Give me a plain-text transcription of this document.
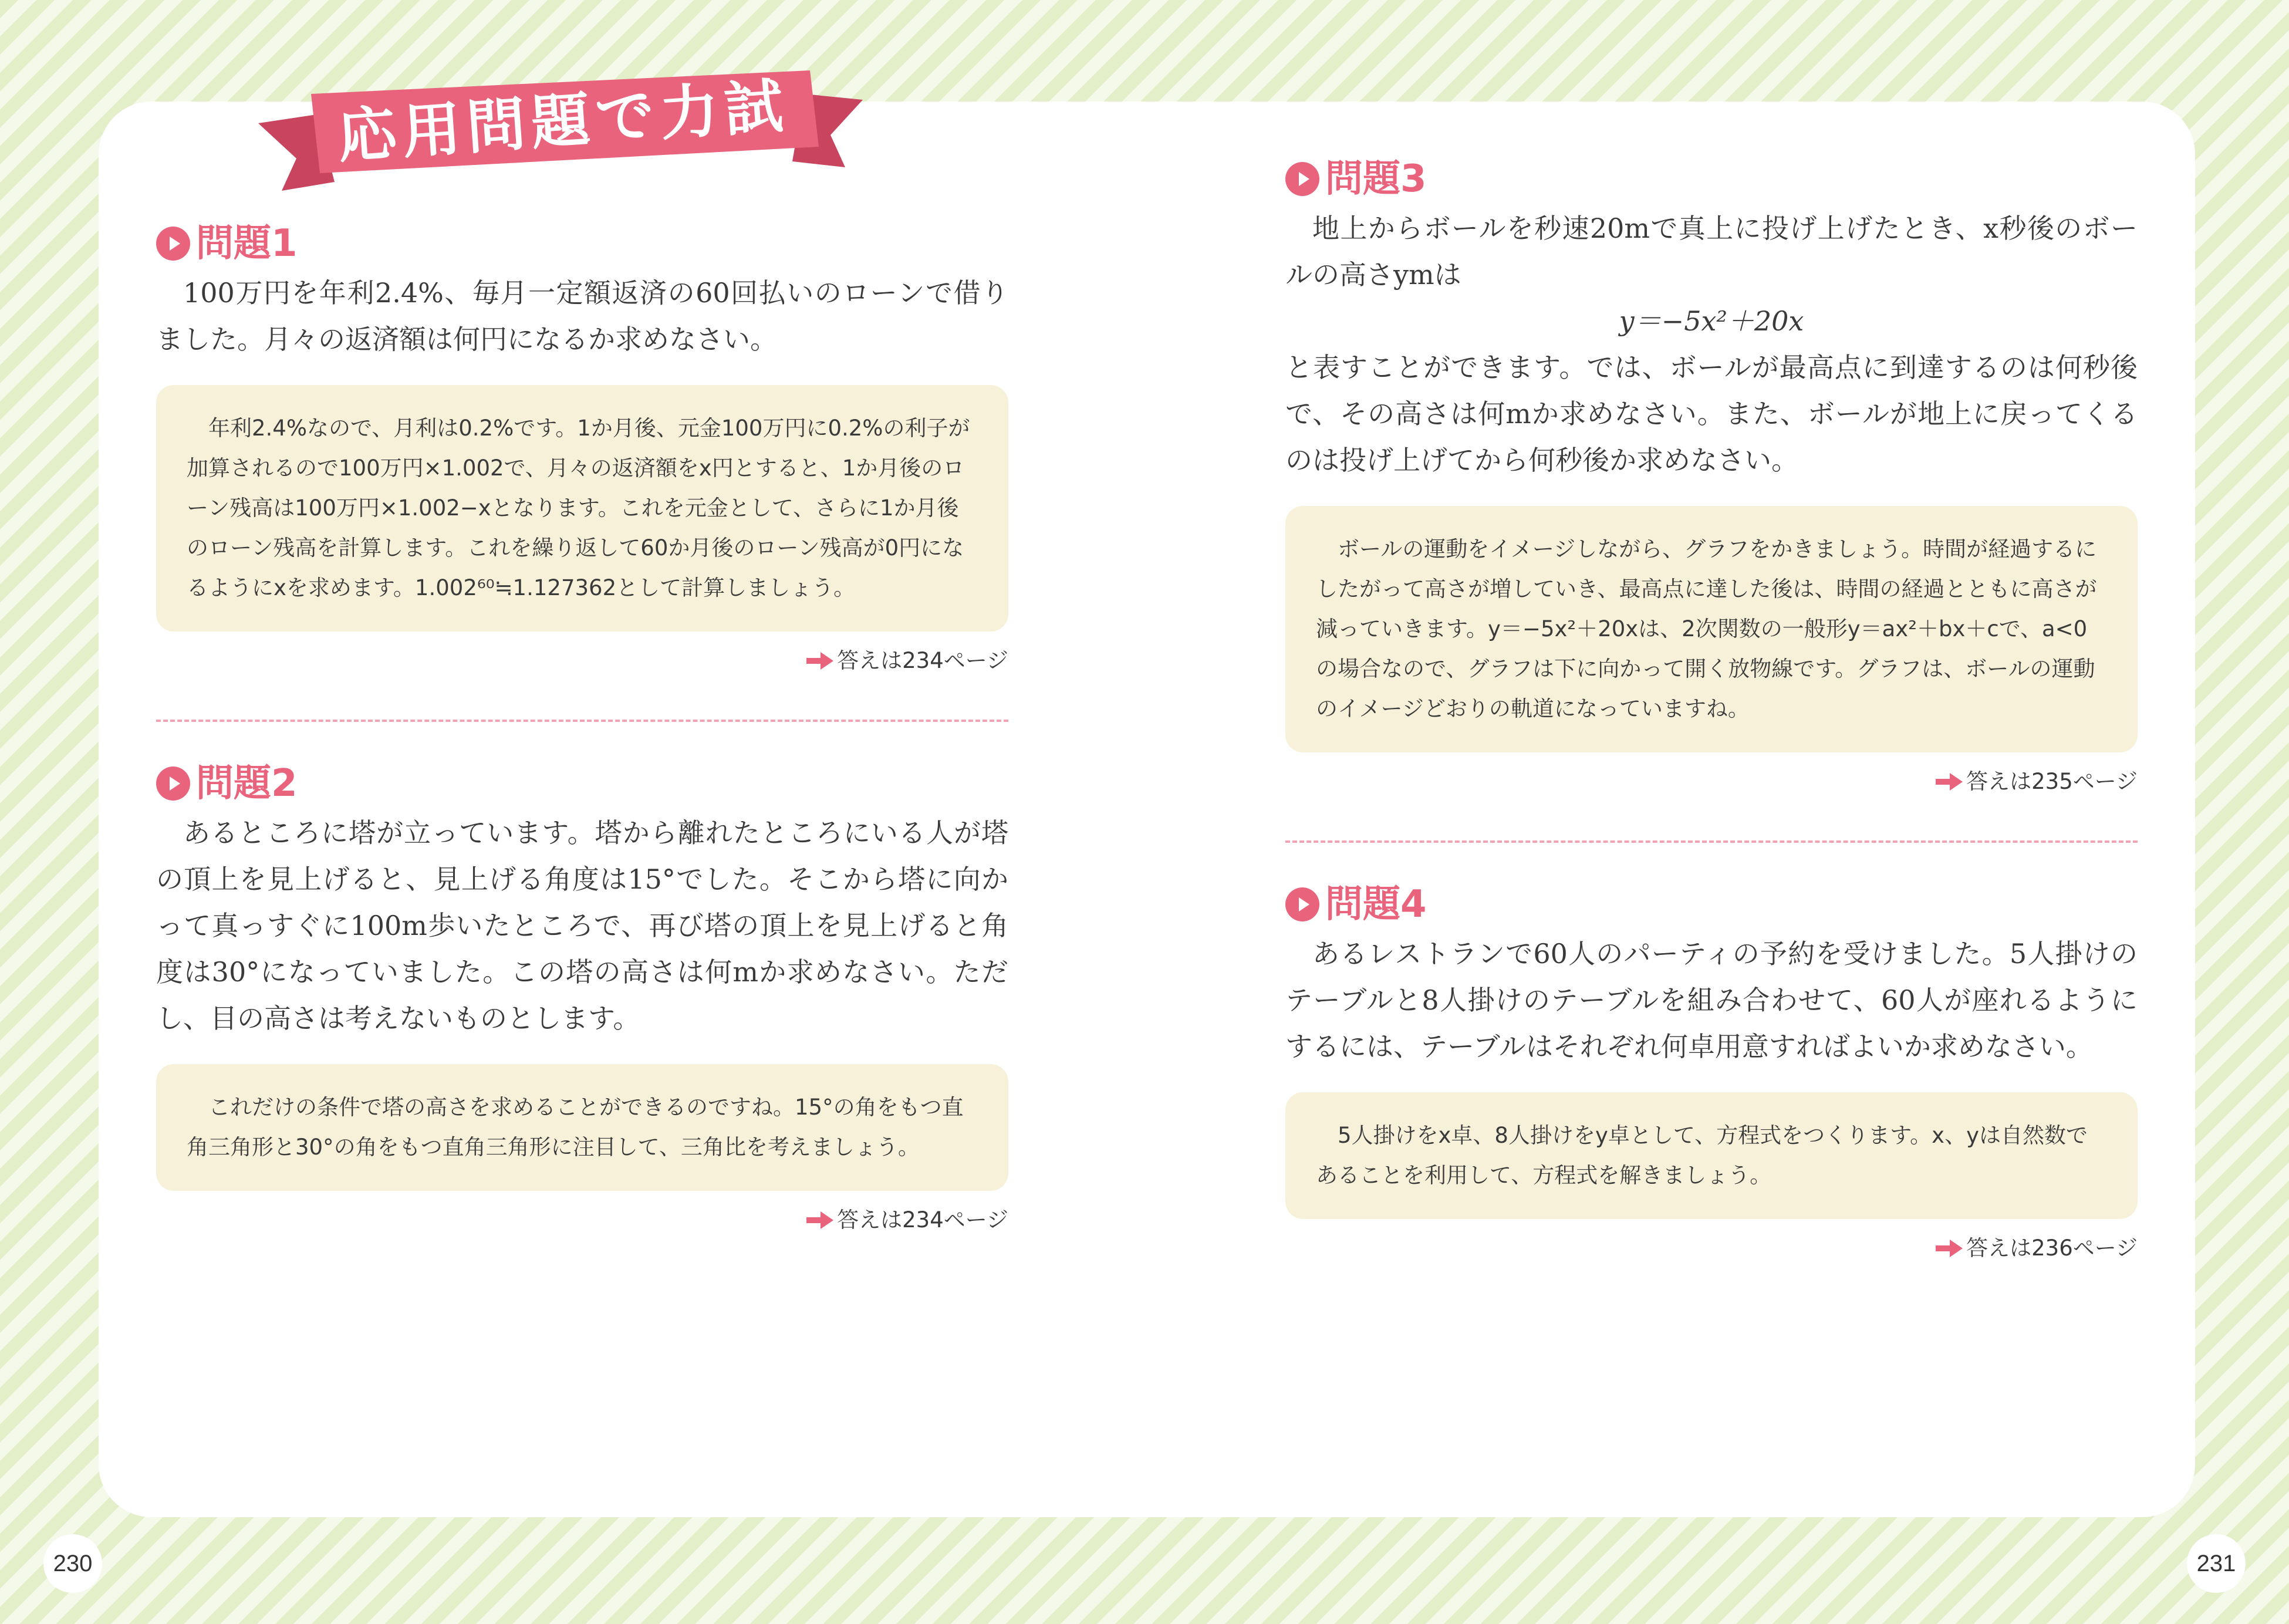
応用問題で力試し
問題1

100万円を年利2.4%、毎月一定額返済の60回払いのローンで借りました。月々の返済額は何円になるか求めなさい。

年利2.4%なので、月利は0.2%です。1か月後、元金100万円に0.2%の利子が加算されるので100万円×1.002で、月々の返済額をx円とすると、1か月後のローン残高は100万円×1.002−xとなります。これを元金として、さらに1か月後のローン残高を計算します。これを繰り返して60か月後のローン残高が0円になるようにxを求めます。1.002⁶⁰≒1.127362として計算しましょう。
答えは234ページ
問題2

あるところに塔が立っています。塔から離れたところにいる人が塔の頂上を見上げると、見上げる角度は15°でした。そこから塔に向かって真っすぐに100m歩いたところで、再び塔の頂上を見上げると角度は30°になっていました。この塔の高さは何mか求めなさい。ただし、目の高さは考えないものとします。

これだけの条件で塔の高さを求めることができるのですね。15°の角をもつ直角三角形と30°の角をもつ直角三角形に注目して、三角比を考えましょう。
答えは234ページ
問題3

地上からボールを秒速20mで真上に投げ上げたとき、x秒後のボールの高さymは

y＝−5x²＋20x

と表すことができます。では、ボールが最高点に到達するのは何秒後で、その高さは何mか求めなさい。また、ボールが地上に戻ってくるのは投げ上げてから何秒後か求めなさい。

ボールの運動をイメージしながら、グラフをかきましょう。時間が経過するにしたがって高さが増していき、最高点に達した後は、時間の経過とともに高さが減っていきます。y＝−5x²＋20xは、2次関数の一般形y＝ax²＋bx＋cで、a<0の場合なので、グラフは下に向かって開く放物線です。グラフは、ボールの運動のイメージどおりの軌道になっていますね。
答えは235ページ
問題4

あるレストランで60人のパーティの予約を受けました。5人掛けのテーブルと8人掛けのテーブルを組み合わせて、60人が座れるようにするには、テーブルはそれぞれ何卓用意すればよいか求めなさい。

5人掛けをx卓、8人掛けをy卓として、方程式をつくります。x、yは自然数であることを利用して、方程式を解きましょう。
答えは236ページ
230	231
